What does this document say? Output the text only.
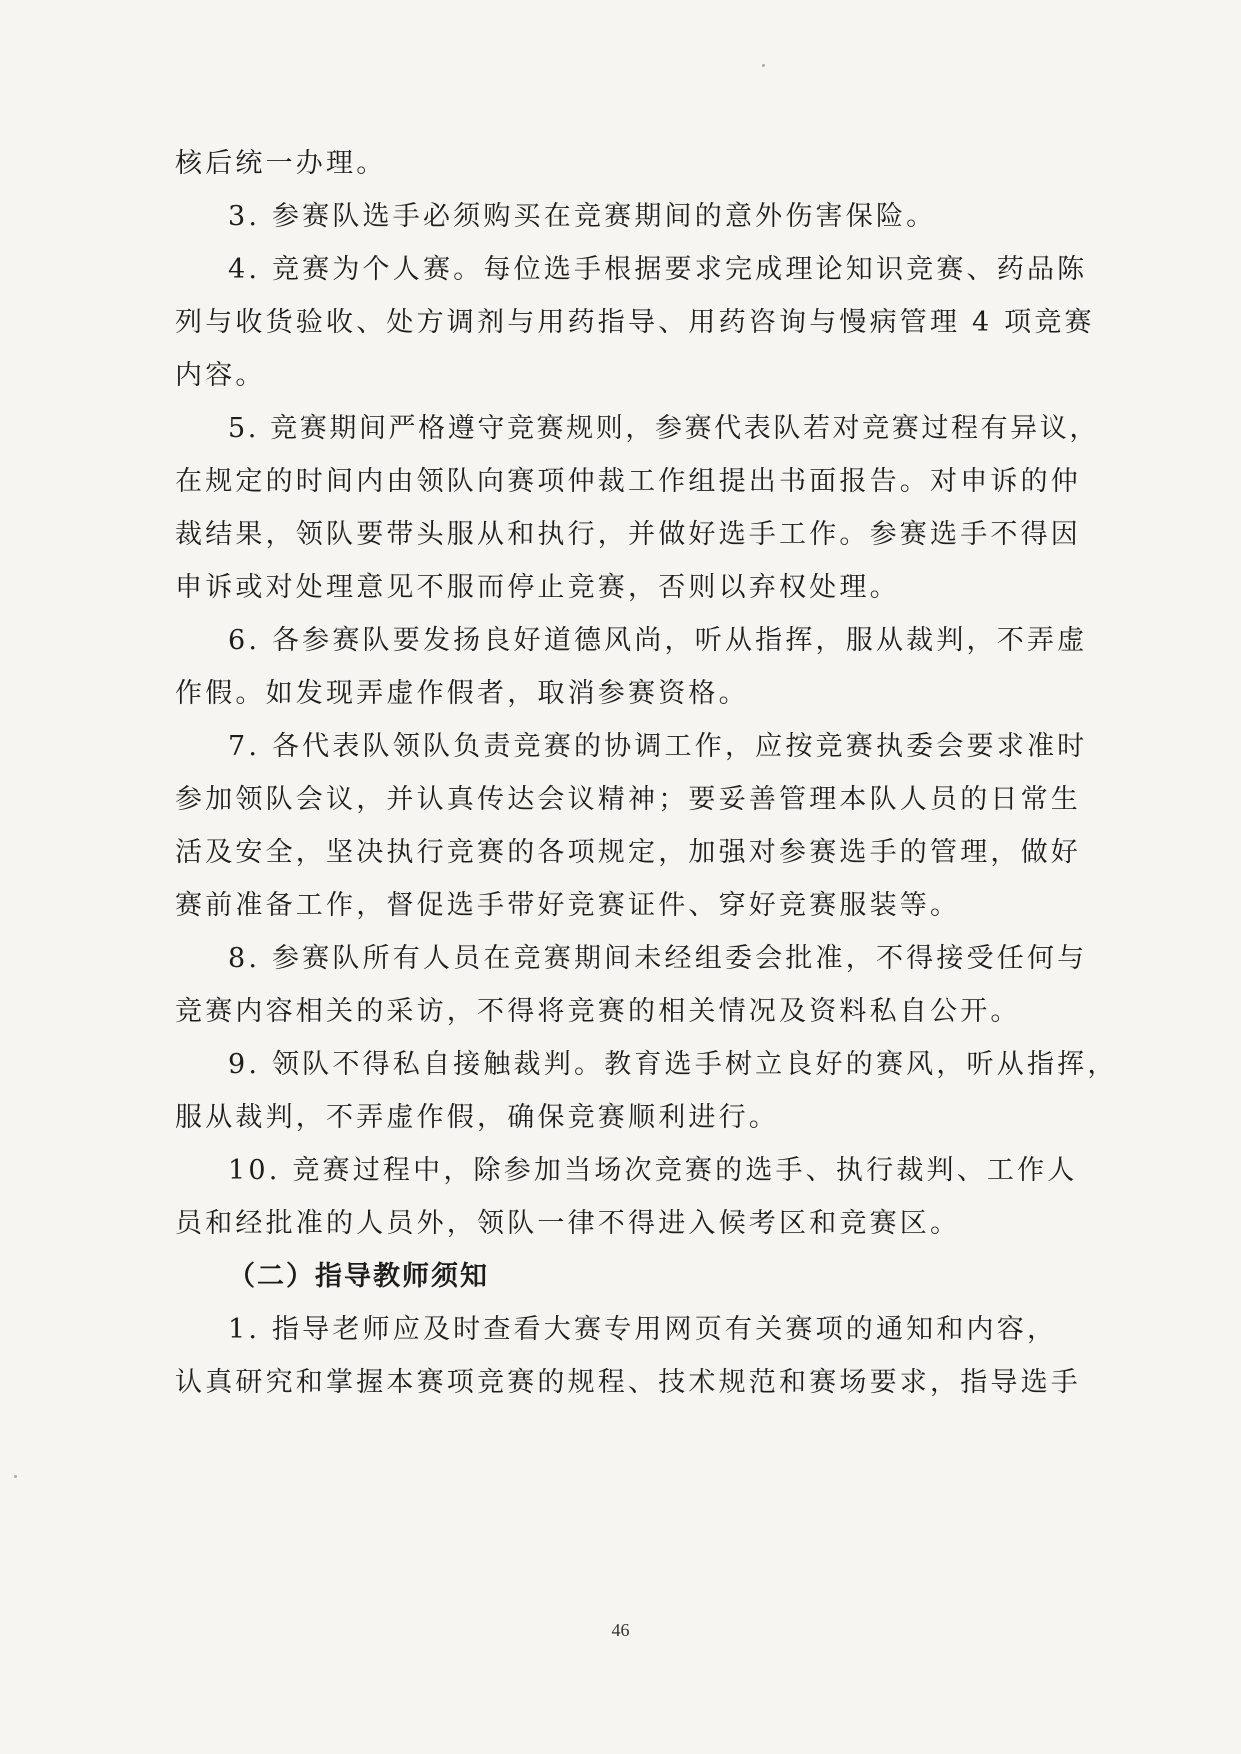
核后统一办理。
3. 参赛队选手必须购买在竞赛期间的意外伤害保险。
4. 竞赛为个人赛。每位选手根据要求完成理论知识竞赛、药品陈
列与收货验收、处方调剂与用药指导、用药咨询与慢病管理 4 项竞赛
内容。
5. 竞赛期间严格遵守竞赛规则，参赛代表队若对竞赛过程有异议，
在规定的时间内由领队向赛项仲裁工作组提出书面报告。对申诉的仲
裁结果，领队要带头服从和执行，并做好选手工作。参赛选手不得因
申诉或对处理意见不服而停止竞赛，否则以弃权处理。
6. 各参赛队要发扬良好道德风尚，听从指挥，服从裁判，不弄虚
作假。如发现弄虚作假者，取消参赛资格。
7. 各代表队领队负责竞赛的协调工作，应按竞赛执委会要求准时
参加领队会议，并认真传达会议精神；要妥善管理本队人员的日常生
活及安全，坚决执行竞赛的各项规定，加强对参赛选手的管理，做好
赛前准备工作，督促选手带好竞赛证件、穿好竞赛服装等。
8. 参赛队所有人员在竞赛期间未经组委会批准，不得接受任何与
竞赛内容相关的采访，不得将竞赛的相关情况及资料私自公开。
9. 领队不得私自接触裁判。教育选手树立良好的赛风，听从指挥，
服从裁判，不弄虚作假，确保竞赛顺利进行。
10. 竞赛过程中，除参加当场次竞赛的选手、执行裁判、工作人
员和经批准的人员外，领队一律不得进入候考区和竞赛区。
（二）指导教师须知
1. 指导老师应及时查看大赛专用网页有关赛项的通知和内容，
认真研究和掌握本赛项竞赛的规程、技术规范和赛场要求，指导选手
46
